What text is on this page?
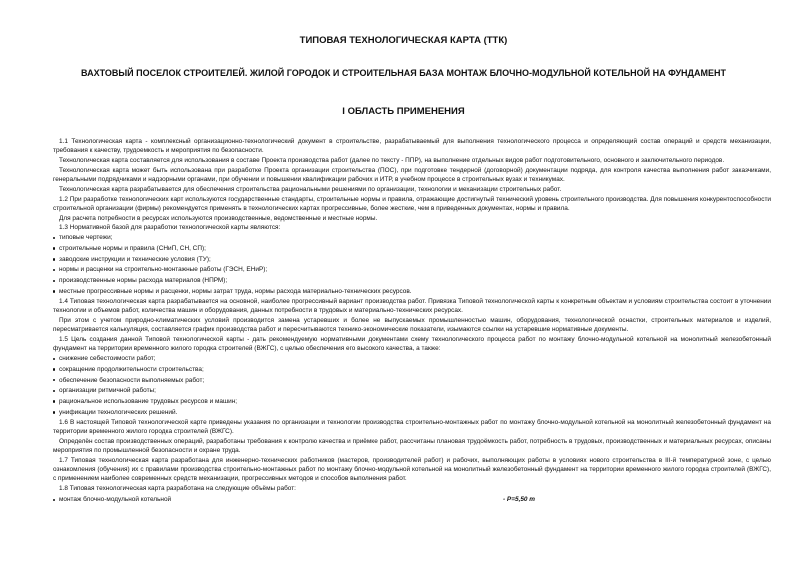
ТИПОВАЯ ТЕХНОЛОГИЧЕСКАЯ КАРТА (ТТК)
ВАХТОВЫЙ ПОСЕЛОК СТРОИТЕЛЕЙ. ЖИЛОЙ ГОРОДОК И СТРОИТЕЛЬНАЯ БАЗА МОНТАЖ БЛОЧНО-МОДУЛЬНОЙ КОТЕЛЬНОЙ НА ФУНДАМЕНТ
I ОБЛАСТЬ ПРИМЕНЕНИЯ

1.1 Технологическая карта - комплексный организационно-технологический документ в строительстве, разрабатываемый для выполнения технологического процесса и определяющий состав операций и средств механизации, требования к качеству, трудоемкость и мероприятия по безопасности.

Технологическая карта составляется для использования в составе Проекта производства работ (далее по тексту - ППР), на выполнение отдельных видов работ подготовительного, основного и заключительного периодов.

Технологическая карта может быть использована при разработке Проекта организации строительства (ПОС), при подготовке тендерной (договорной) документации подряда, для контроля качества выполнения работ заказчиками, генеральными подрядчиками и надзорными органами, при обучении и повышении квалификации рабочих и ИТР, в учебном процессе в строительных вузах и техникумах.

Технологическая карта разрабатывается для обеспечения строительства рациональными решениями по организации, технологии и механизации строительных работ.

1.2 При разработке технологических карт используются государственные стандарты, строительные нормы и правила, отражающие достигнутый технический уровень строительного производства. Для повышения конкурентоспособности строительной организации (фирмы) рекомендуется применять в технологических картах прогрессивные, более жесткие, чем в приведенных документах, нормы и правила.

Для расчета потребности в ресурсах используются производственные, ведомственные и местные нормы.

1.3 Нормативной базой для разработки технологической карты являются:

типовые чертежи;
строительные нормы и правила (СНиП, СН, СП);
заводские инструкции и технические условия (ТУ);
нормы и расценки на строительно-монтажные работы (ГЭСН, ЕНиР);
производственные нормы расхода материалов (НПРМ);
местные прогрессивные нормы и расценки, нормы затрат труда, нормы расхода материально-технических ресурсов.

1.4 Типовая технологическая карта разрабатывается на основной, наиболее прогрессивный вариант производства работ. Привязка Типовой технологической карты к конкретным объектам и условиям строительства состоит в уточнении технологии и объемов работ, количества машин и оборудования, данных потребности в трудовых и материально-технических ресурсах.

При этом с учетом природно-климатических условий производится замена устаревших и более не выпускаемых промышленностью машин, оборудования, технологической оснастки, строительных материалов и изделий, пересматривается калькуляция, составляется график производства работ и пересчитываются технико-экономические показатели, изымаются ссылки на устаревшие нормативные документы.

1.5 Цель создания данной Типовой технологической карты - дать рекомендуемую нормативными документами схему технологического процесса работ по монтажу блочно-модульной котельной на монолитный железобетонный фундамент на территории временного жилого городка строителей (ВЖГС), с целью обеспечения его высокого качества, а также:

снижение себестоимости работ;
сокращение продолжительности строительства;
обеспечение безопасности выполняемых работ;
организации ритмичной работы;
рациональное использование трудовых ресурсов и машин;
унификации технологических решений.

1.6 В настоящей Типовой технологической карте приведены указания по организации и технологии производства строительно-монтажных работ по монтажу блочно-модульной котельной на монолитный железобетонный фундамент на территории временного жилого городка строителей (ВЖГС).

Определён состав производственных операций, разработаны требования к контролю качества и приёмке работ, рассчитаны плановая трудоёмкость работ, потребность в трудовых, производственных и материальных ресурсах, описаны мероприятия по промышленной безопасности и охране труда.

1.7 Типовая технологическая карта разработана для инженерно-технических работников (мастеров, производителей работ) и рабочих, выполняющих работы в условиях нового строительства в III-й температурной зоне, с целью ознакомления (обучения) их с правилами производства строительно-монтажных работ по монтажу блочно-модульной котельной на монолитный железобетонный фундамент на территории временного жилого городка строителей (ВЖГС), с применением наиболее современных средств механизации, прогрессивных методов и способов выполнения работ.

1.8 Типовая технологическая карта разработана на следующие объёмы работ:

монтаж блочно-модульной котельной	- P=5,50 т
